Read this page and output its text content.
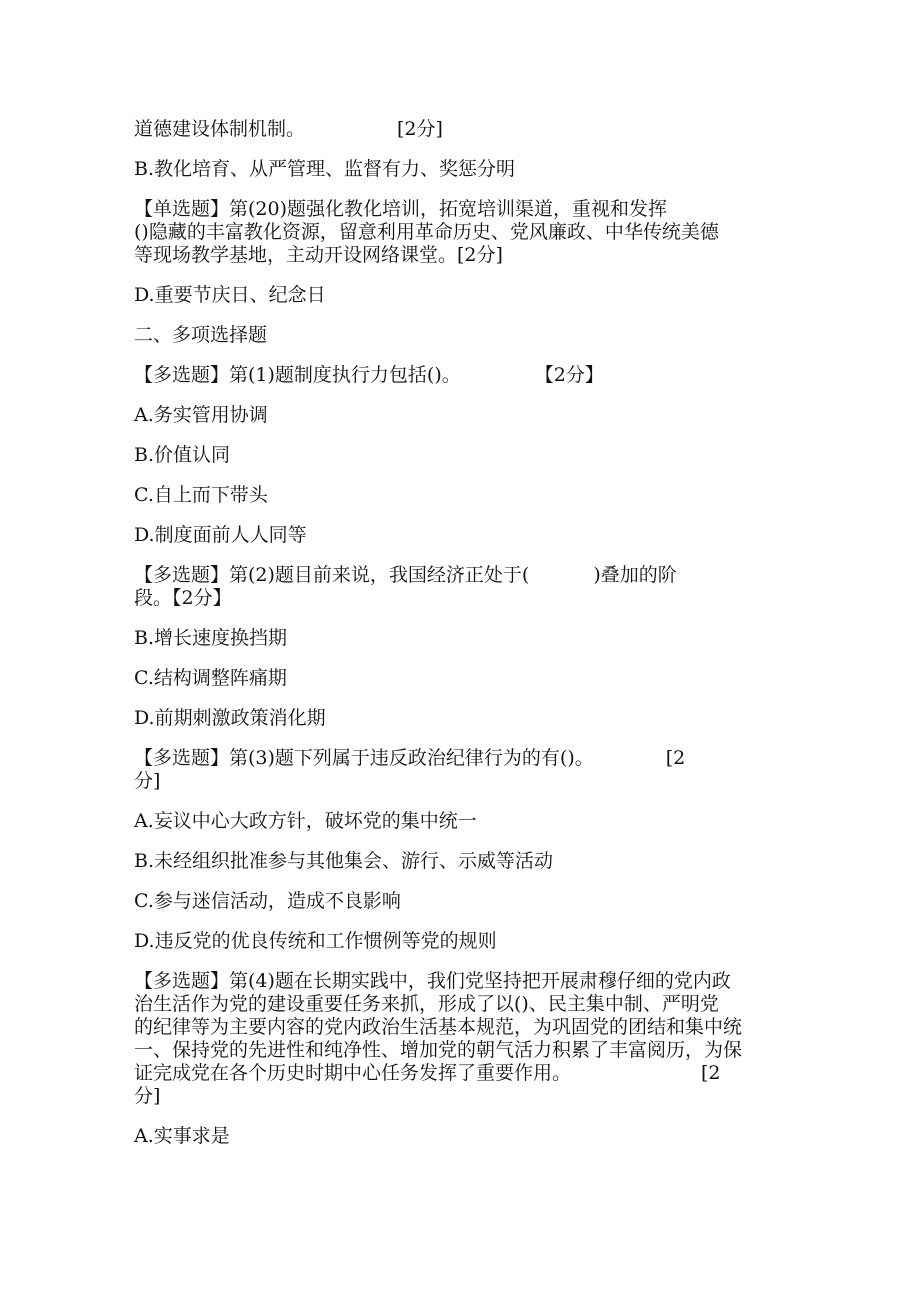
道德建设体制机制。	[2分]

B.教化培育、从严管理、监督有力、奖惩分明

【单选题】第(20)题强化教化培训，拓宽培训渠道，重视和发挥

()隐藏的丰富教化资源，留意利用革命历史、党风廉政、中华传统美德

等现场教学基地，主动开设网络课堂。[2分]

D.重要节庆日、纪念日

二、多项选择题

【多选题】第(1)题制度执行力包括()。	【2分】

A.务实管用协调

B.价值认同

C.自上而下带头

D.制度面前人人同等

【多选题】第(2)题目前来说，我国经济正处于(	)叠加的阶

段。【2分】

B.增长速度换挡期

C.结构调整阵痛期

D.前期刺激政策消化期

【多选题】第(3)题下列属于违反政治纪律行为的有()。	[2

分]

A.妄议中心大政方针，破坏党的集中统一

B.未经组织批准参与其他集会、游行、示威等活动

C.参与迷信活动，造成不良影响

D.违反党的优良传统和工作惯例等党的规则

【多选题】第(4)题在长期实践中，我们党坚持把开展肃穆仔细的党内政

治生活作为党的建设重要任务来抓，形成了以()、民主集中制、严明党

的纪律等为主要内容的党内政治生活基本规范，为巩固党的团结和集中统

一、保持党的先进性和纯净性、增加党的朝气活力积累了丰富阅历，为保

证完成党在各个历史时期中心任务发挥了重要作用。	[2

分]

A.实事求是
